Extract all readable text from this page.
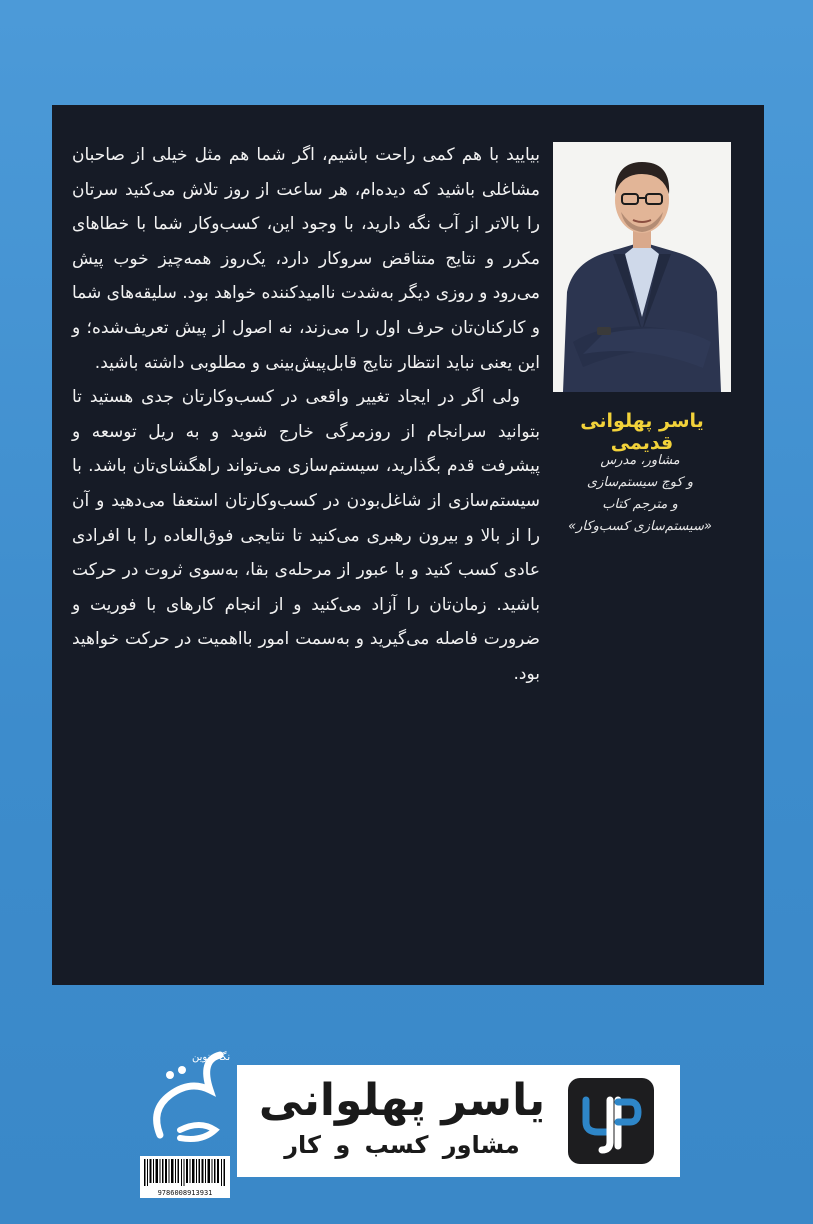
بیایید با هم کمی راحت باشیم، اگر شما هم مثل خیلی از صاحبان مشاغلی باشید که دیده‌ام، هر ساعت از روز تلاش می‌کنید سرتان را بالاتر از آب نگه دارید، با وجود این، کسب‌وکار شما با خطاهای مکرر و نتایج متناقض سروکار دارد، یک‌روز همه‌چیز خوب پیش می‌رود و روزی دیگر به‌شدت ناامیدکننده خواهد بود. سلیقه‌های شما و کارکنان‌تان حرف اول را می‌زند، نه اصول از پیش تعریف‌شده؛ و این یعنی نباید انتظار نتایج قابل‌پیش‌بینی و مطلوبی داشته باشید.

ولی اگر در ایجاد تغییر واقعی در کسب‌وکارتان جدی هستید تا بتوانید سرانجام از روزمرگی خارج شوید و به ریل توسعه و پیشرفت قدم بگذارید، سیستم‌سازی می‌تواند راهگشای‌تان باشد. با سیستم‌سازی از شاغل‌بودن در کسب‌وکارتان استعفا می‌دهید و آن را از بالا و بیرون رهبری می‌کنید تا نتایجی فوق‌العاده را با افرادی عادی کسب کنید و با عبور از مرحله‌ی بقا، به‌سوی ثروت در حرکت باشید. زمان‌تان را آزاد می‌کنید و از انجام کارهای با فوریت و ضرورت فاصله می‌گیرید و به‌سمت امور بااهمیت در حرکت خواهید بود.

یاسر پهلوانی قدیمی
مشاور، مدرس
و کوچ سیستم‌سازی
و مترجم کتاب
«سیستم‌سازی کسب‌وکار»
نگاه نوین
9786008913931
یاسر پهلوانی
مشاور کسب و کار
